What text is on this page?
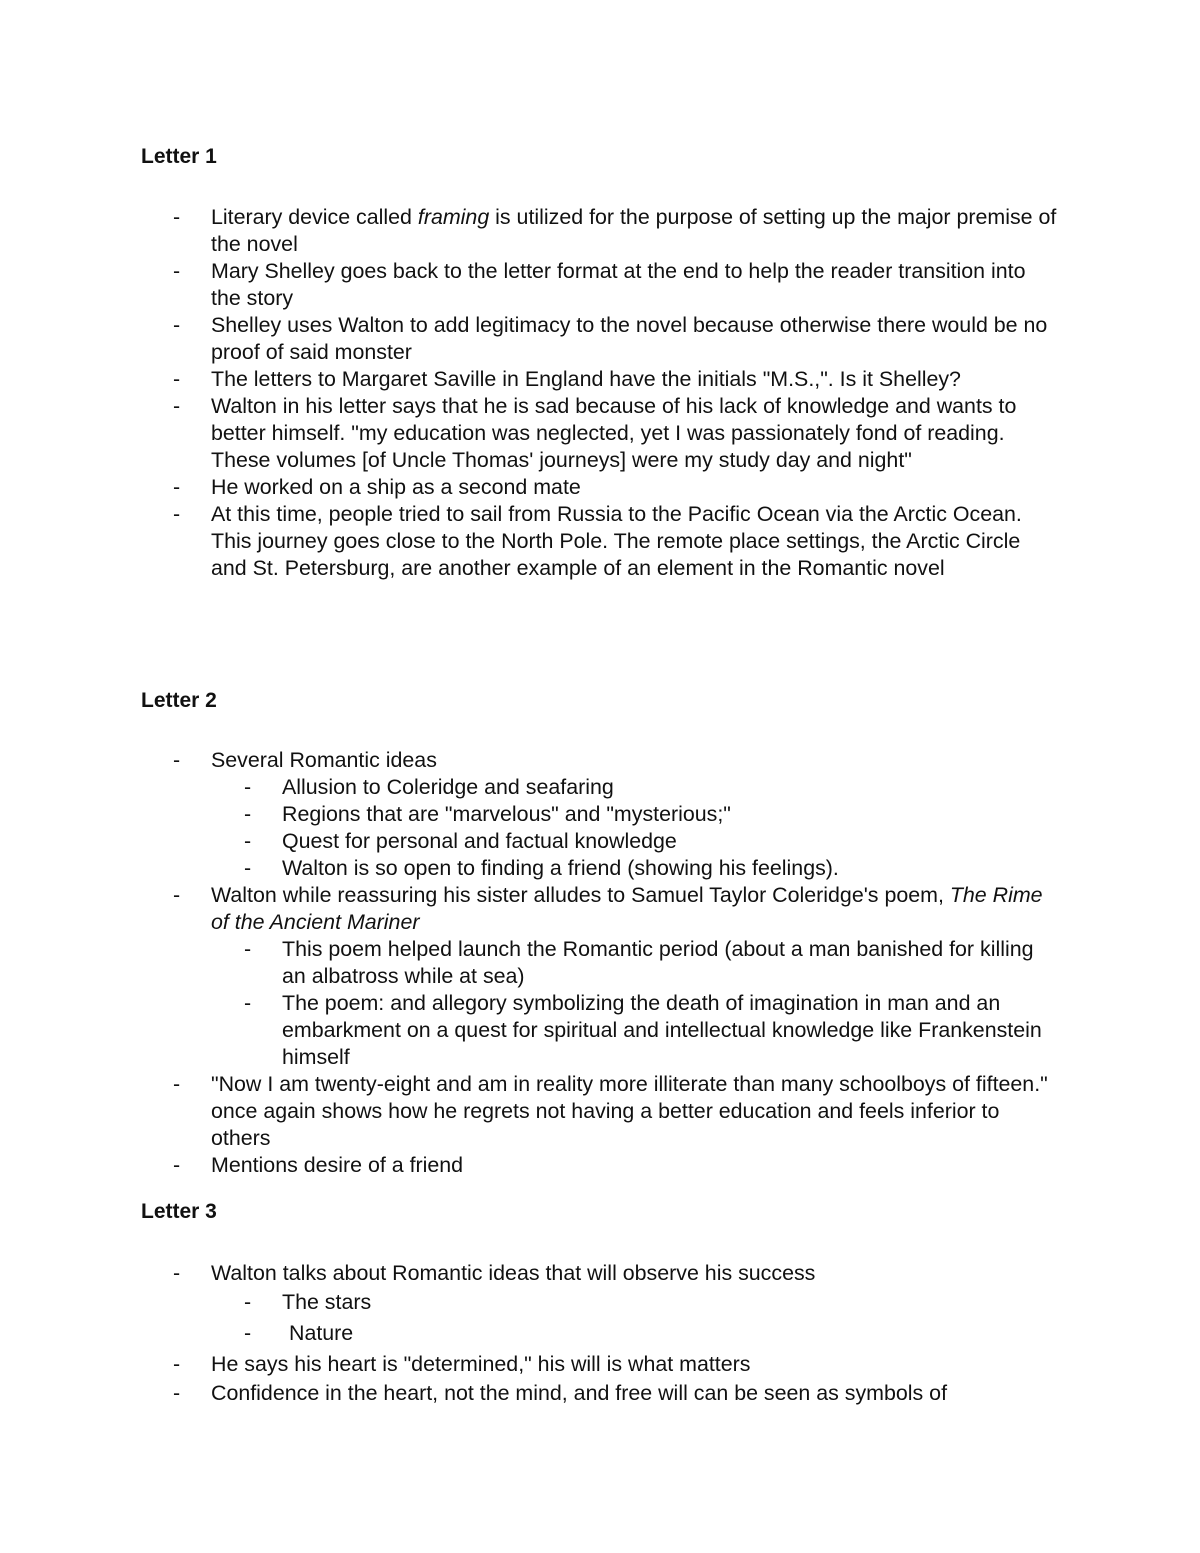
Letter 1
- Literary device called framing is utilized for the purpose of setting up the major premise of the novel
- Mary Shelley goes back to the letter format at the end to help the reader transition into the story
- Shelley uses Walton to add legitimacy to the novel because otherwise there would be no proof of said monster
- The letters to Margaret Saville in England have the initials "M.S.,". Is it Shelley?
- Walton in his letter says that he is sad because of his lack of knowledge and wants to better himself. "my education was neglected, yet I was passionately fond of reading. These volumes [of Uncle Thomas' journeys] were my study day and night"
- He worked on a ship as a second mate
- At this time, people tried to sail from Russia to the Pacific Ocean via the Arctic Ocean. This journey goes close to the North Pole. The remote place settings, the Arctic Circle and St. Petersburg, are another example of an element in the Romantic novel
Letter 2
- Several Romantic ideas
- Allusion to Coleridge and seafaring
- Regions that are "marvelous" and "mysterious;"
- Quest for personal and factual knowledge
- Walton is so open to finding a friend (showing his feelings).
- Walton while reassuring his sister alludes to Samuel Taylor Coleridge's poem, The Rime of the Ancient Mariner
- This poem helped launch the Romantic period (about a man banished for killing an albatross while at sea)
- The poem: and allegory symbolizing the death of imagination in man and an embarkment on a quest for spiritual and intellectual knowledge like Frankenstein himself
- "Now I am twenty-eight and am in reality more illiterate than many schoolboys of fifteen." once again shows how he regrets not having a better education and feels inferior to others
- Mentions desire of a friend
Letter 3
- Walton talks about Romantic ideas that will observe his success
- The stars
- Nature
- He says his heart is "determined," his will is what matters
- Confidence in the heart, not the mind, and free will can be seen as symbols of
